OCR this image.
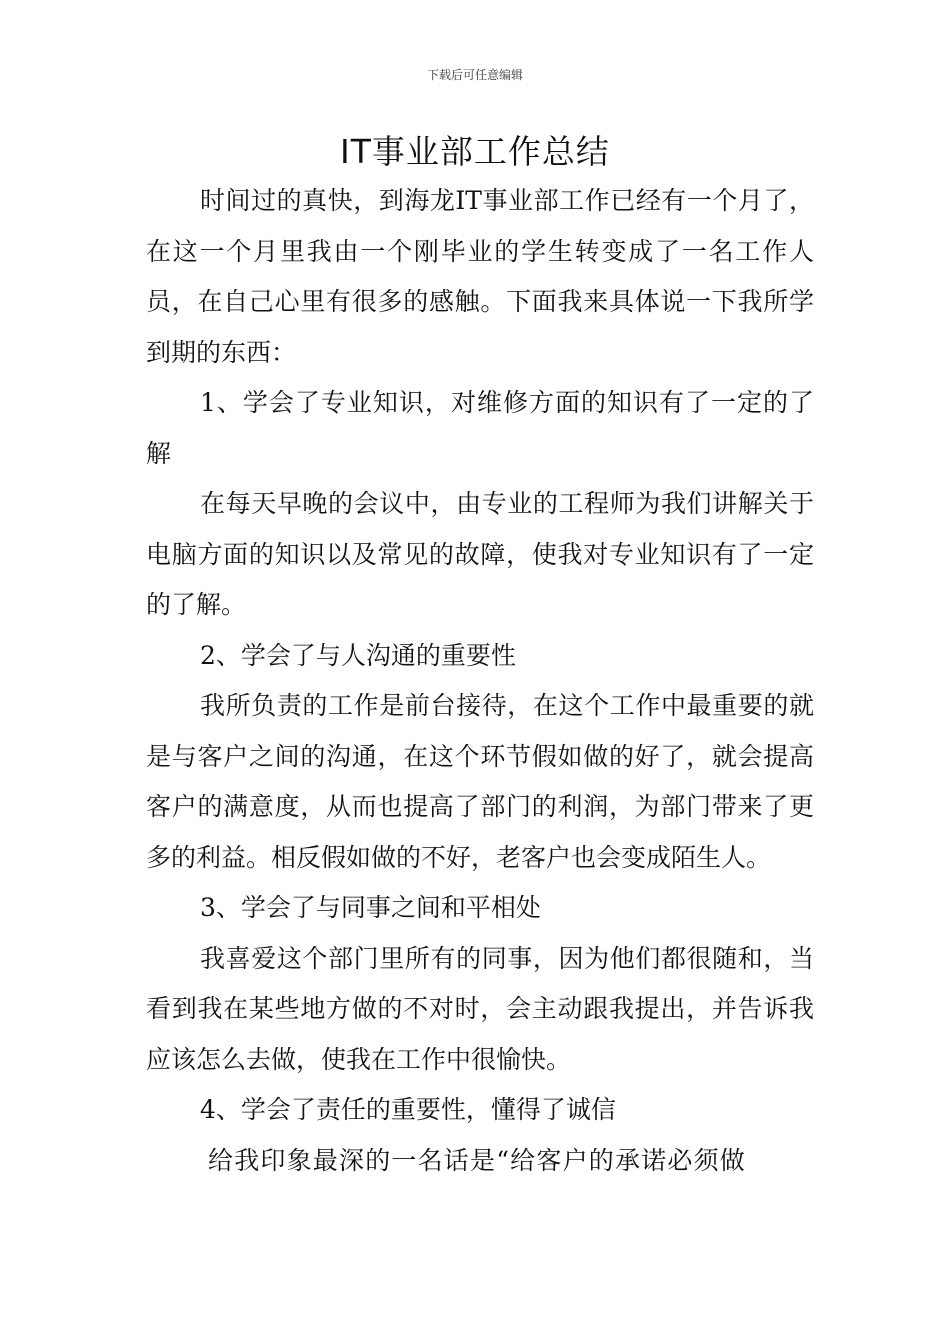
下载后可任意编辑
IT事业部工作总结

时间过的真快，到海龙IT事业部工作已经有一个月了，在这一个月里我由一个刚毕业的学生转变成了一名工作人员，在自己心里有很多的感触。下面我来具体说一下我所学到期的东西：

1、学会了专业知识，对维修方面的知识有了一定的了解

在每天早晚的会议中，由专业的工程师为我们讲解关于电脑方面的知识以及常见的故障，使我对专业知识有了一定的了解。

2、学会了与人沟通的重要性

我所负责的工作是前台接待，在这个工作中最重要的就是与客户之间的沟通，在这个环节假如做的好了，就会提高客户的满意度，从而也提高了部门的利润，为部门带来了更多的利益。相反假如做的不好，老客户也会变成陌生人。

3、学会了与同事之间和平相处

我喜爱这个部门里所有的同事，因为他们都很随和，当看到我在某些地方做的不对时，会主动跟我提出，并告诉我应该怎么去做，使我在工作中很愉快。

4、学会了责任的重要性，懂得了诚信

给我印象最深的一名话是“给客户的承诺必须做
